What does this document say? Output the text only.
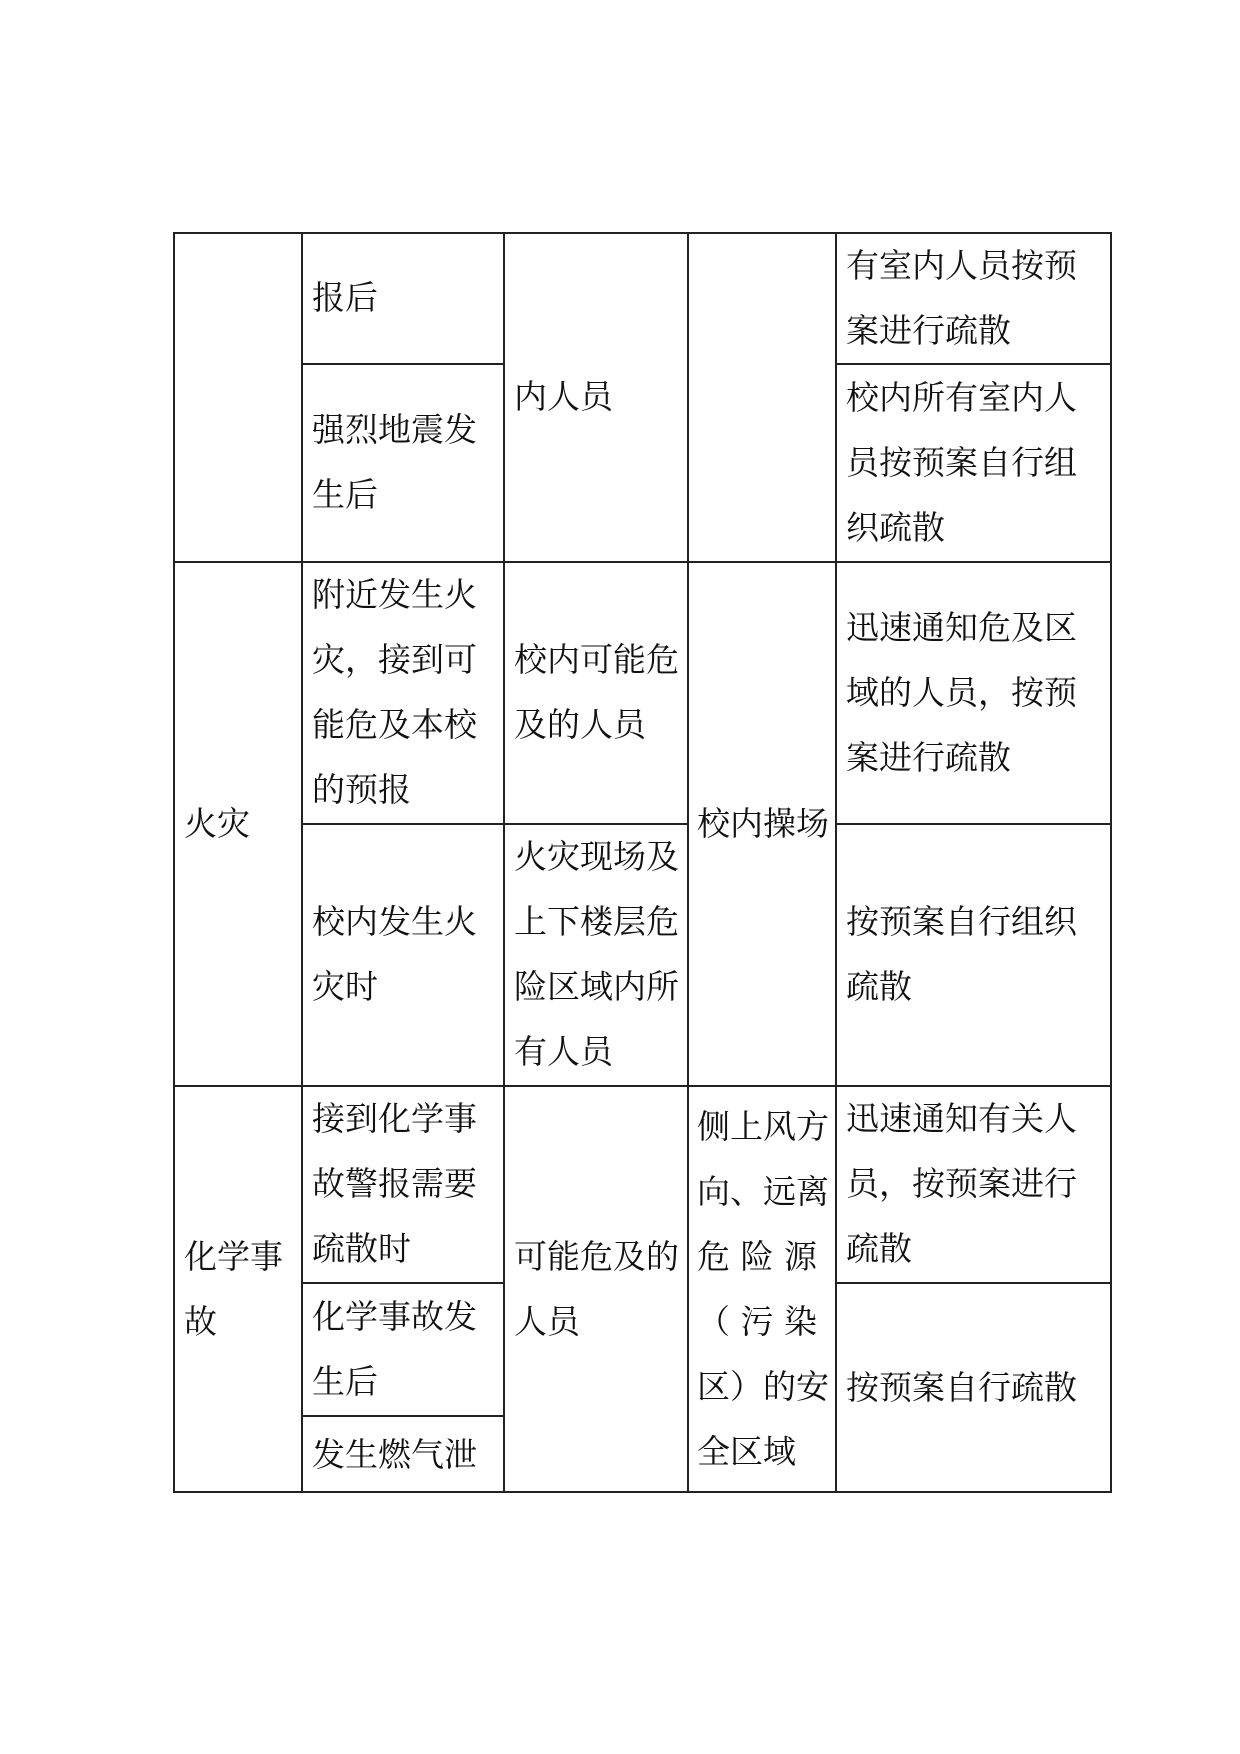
火灾
化学事
故
报后
强烈地震发
生后
附近发生火
灾，接到可
能危及本校
的预报
校内发生火
灾时
接到化学事
故警报需要
疏散时
化学事故发
生后
发生燃气泄
内人员
校内可能危
及的人员
火灾现场及
上下楼层危
险区域内所
有人员
可能危及的
人员
校内操场
侧上风方
向、远离
危 险 源
（ 污 染
区）的安
全区域
有室内人员按预
案进行疏散
校内所有室内人
员按预案自行组
织疏散
迅速通知危及区
域的人员，按预
案进行疏散
按预案自行组织
疏散
迅速通知有关人
员，按预案进行
疏散
按预案自行疏散
